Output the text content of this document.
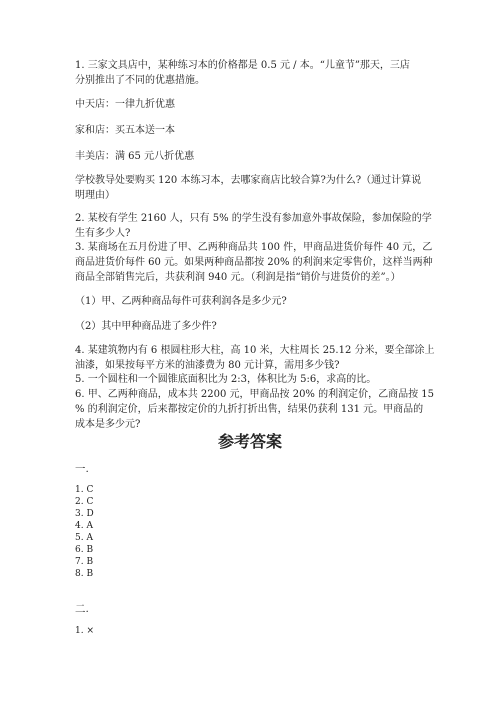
1. 三家文具店中，某种练习本的价格都是 0.5 元 / 本。“儿童节”那天，三店
分别推出了不同的优惠措施。
中天店：一律九折优惠
家和店：买五本送一本
丰美店：满 65 元八折优惠
学校教导处要购买 120 本练习本，去哪家商店比较合算?为什么?（通过计算说
明理由）
2. 某校有学生 2160 人，只有 5% 的学生没有参加意外事故保险，参加保险的学
生有多少人?
3. 某商场在五月份进了甲、乙两种商品共 100 件，甲商品进货价每件 40 元，乙
商品进货价每件 60 元。如果两种商品都按 20% 的利润来定零售价，这样当两种
商品全部销售完后，共获利润 940 元。（利润是指“销价与进货价的差”。）
（1）甲、乙两种商品每件可获利润各是多少元?
（2）其中甲种商品进了多少件?
4. 某建筑物内有 6 根圆柱形大柱，高 10 米，大柱周长 25.12 分米，要全部涂上
油漆，如果按每平方米的油漆费为 80 元计算，需用多少钱?
5. 一个圆柱和一个圆锥底面积比为 2:3，体积比为 5:6，求高的比。
6. 甲、乙两种商品，成本共 2200 元，甲商品按 20% 的利润定价，乙商品按 15
% 的利润定价，后来都按定价的九折打折出售，结果仍获利 131 元。甲商品的
成本是多少元?
参考答案
一.
1. C
2. C
3. D
4. A
5. A
6. B
7. B
8. B
二.
1. ×
